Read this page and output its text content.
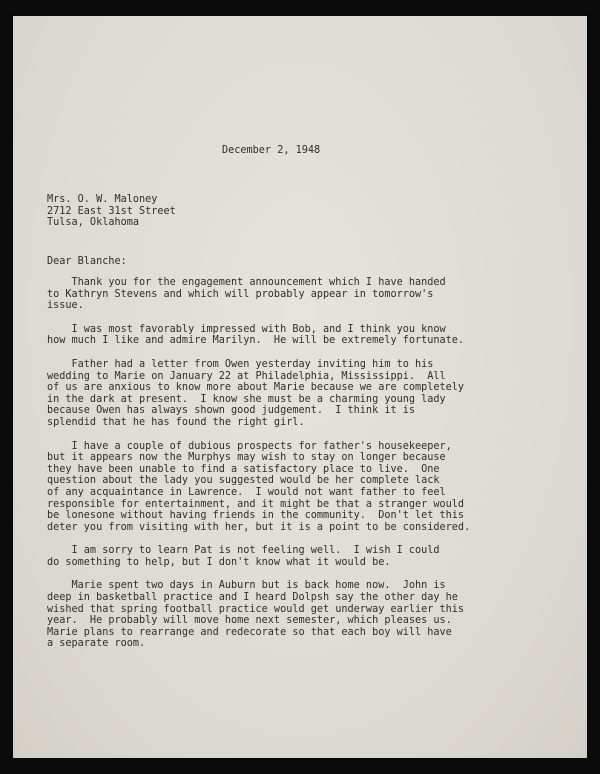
December 2, 1948
Mrs. O. W. Maloney
2712 East 31st Street
Tulsa, Oklahoma
Dear Blanche:
Thank you for the engagement announcement which I have handed
to Kathryn Stevens and which will probably appear in tomorrow's
issue.
I was most favorably impressed with Bob, and I think you know
how much I like and admire Marilyn.  He will be extremely fortunate.
Father had a letter from Owen yesterday inviting him to his
wedding to Marie on January 22 at Philadelphia, Mississippi.  All
of us are anxious to know more about Marie because we are completely
in the dark at present.  I know she must be a charming young lady
because Owen has always shown good judgement.  I think it is
splendid that he has found the right girl.
I have a couple of dubious prospects for father's housekeeper,
but it appears now the Murphys may wish to stay on longer because
they have been unable to find a satisfactory place to live.  One
question about the lady you suggested would be her complete lack
of any acquaintance in Lawrence.  I would not want father to feel
responsible for entertainment, and it might be that a stranger would
be lonesone without having friends in the community.  Don't let this
deter you from visiting with her, but it is a point to be considered.
I am sorry to learn Pat is not feeling well.  I wish I could
do something to help, but I don't know what it would be.
Marie spent two days in Auburn but is back home now.  John is
deep in basketball practice and I heard Dolpsh say the other day he
wished that spring football practice would get underway earlier this
year.  He probably will move home next semester, which pleases us.
Marie plans to rearrange and redecorate so that each boy will have
a separate room.
